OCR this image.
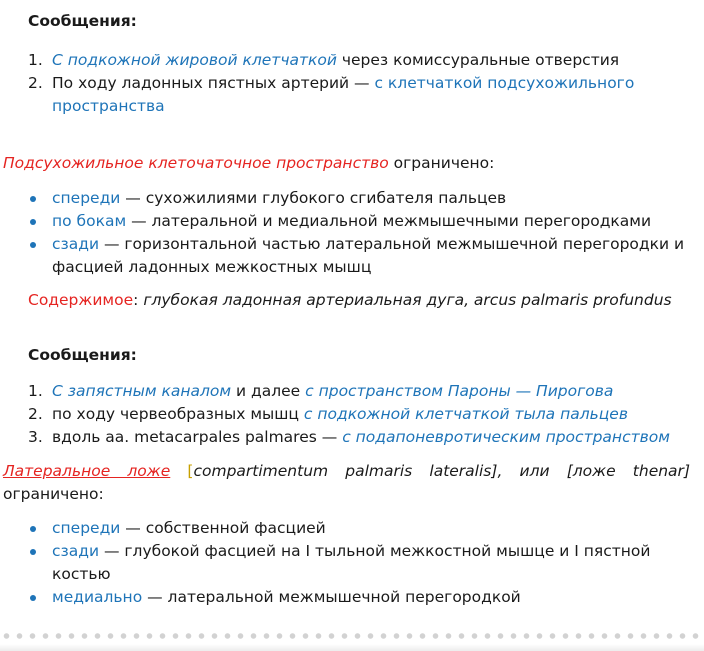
Сообщения:
1. С подкожной жировой клетчаткой через комиссуральные отверстия
2. По ходу ладонных пястных артерий — с клетчаткой подсухожильного пространства
Подсухожильное клеточаточное пространство ограничено:
спереди — сухожилиями глубокого сгибателя пальцев
по бокам — латеральной и медиальной межмышечными перегородками
сзади — горизонтальной частью латеральной межмышечной перегородки и фасцией ладонных межкостных мышц
Содержимое: глубокая ладонная артериальная дуга, arcus palmaris profundus
Сообщения:
1. С запястным каналом и далее с пространством Пароны — Пирогова
2. по ходу червеобразных мышц с подкожной клетчаткой тыла пальцев
3. вдоль аа. metacarpales palmares — с подапоневротическим пространством
Латеральное ложе [compartimentum palmaris lateralis], или [ложе thenar] ограничено:
спереди — собственной фасцией
сзади — глубокой фасцией на I тыльной межкостной мышце и I пястной костью
медиально — латеральной межмышечной перегородкой
